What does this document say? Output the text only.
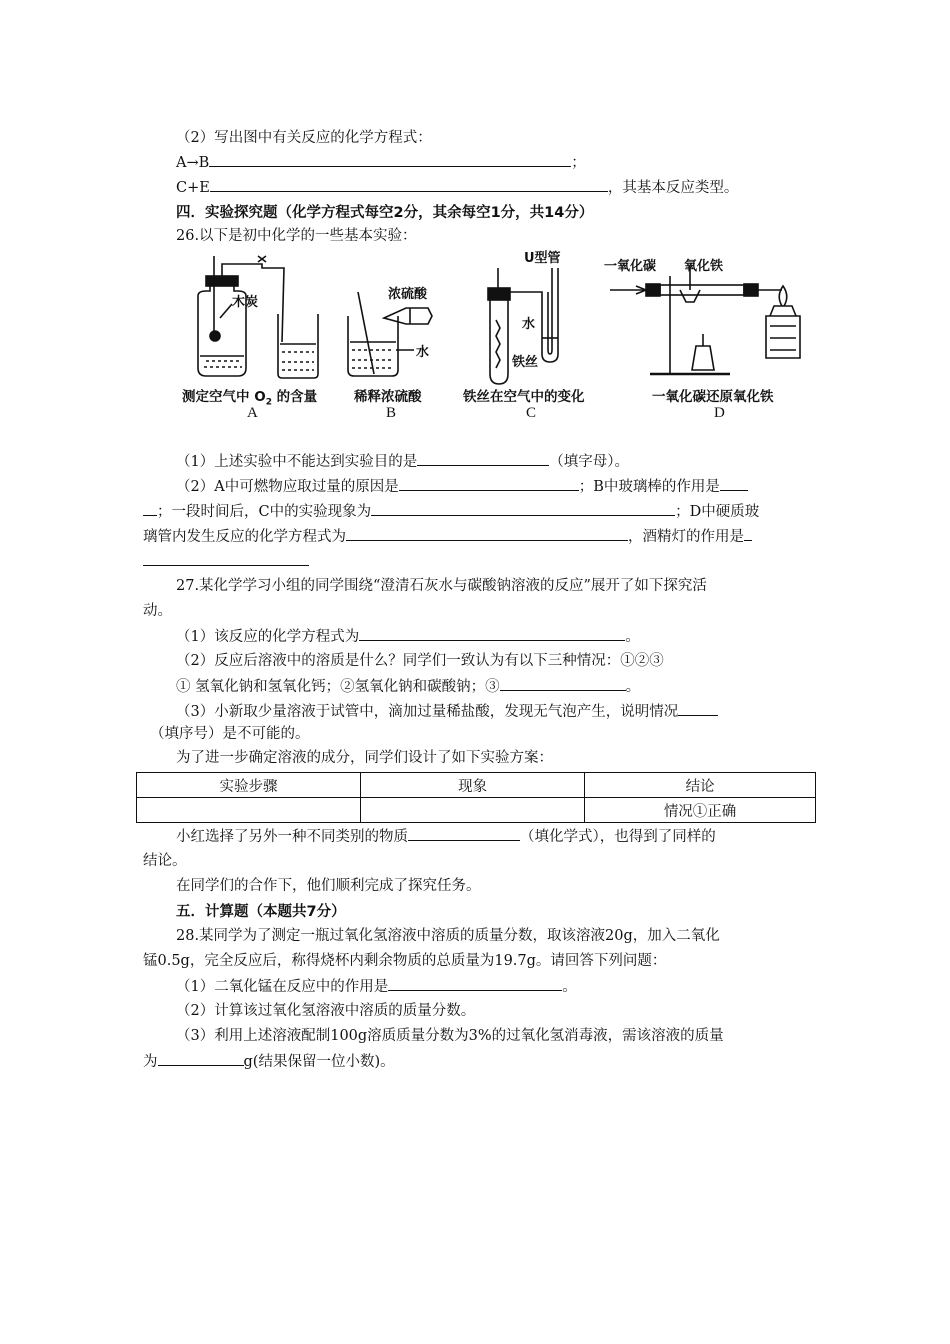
（2）写出图中有关反应的化学方程式：
A→B	；
C+E	，其基本反应类型。
四．实验探究题（化学方程式每空2分，其余每空1分，共14分）
26.以下是初中化学的一些基本实验：
木炭
浓硫酸
水
U型管
水
铁丝
一氧化碳 氧化铁
测定空气中 $O_2$ 的含量	稀释浓硫酸	铁丝在空气中的变化	一氧化碳还原氧化铁
A	B	C	D
（1）上述实验中不能达到实验目的是	（填字母）。
（2）A中可燃物应取过量的原因是	；B中玻璃棒的作用是
；一段时间后，C中的实验现象为	；D中硬质玻
璃管内发生反应的化学方程式为	，酒精灯的作用是
27.某化学学习小组的同学围绕“澄清石灰水与碳酸钠溶液的反应”展开了如下探究活
动。
（1）该反应的化学方程式为	。
（2）反应后溶液中的溶质是什么？同学们一致认为有以下三种情况：①②③
① 氢氧化钠和氢氧化钙；②氢氧化钠和碳酸钠；③	。
（3）小新取少量溶液于试管中，滴加过量稀盐酸，发现无气泡产生，说明情况
（填序号）是不可能的。
为了进一步确定溶液的成分，同学们设计了如下实验方案：
实验步骤	现象	结论
		情况①正确
小红选择了另外一种不同类别的物质	（填化学式），也得到了同样的
结论。
在同学们的合作下，他们顺利完成了探究任务。
五．计算题（本题共7分）
28.某同学为了测定一瓶过氧化氢溶液中溶质的质量分数，取该溶液20g，加入二氧化
锰0.5g，完全反应后，称得烧杯内剩余物质的总质量为19.7g。请回答下列问题：
（1）二氧化锰在反应中的作用是	。
（2）计算该过氧化氢溶液中溶质的质量分数。
（3）利用上述溶液配制100g溶质质量分数为3%的过氧化氢消毒液，需该溶液的质量
为	g(结果保留一位小数)。
